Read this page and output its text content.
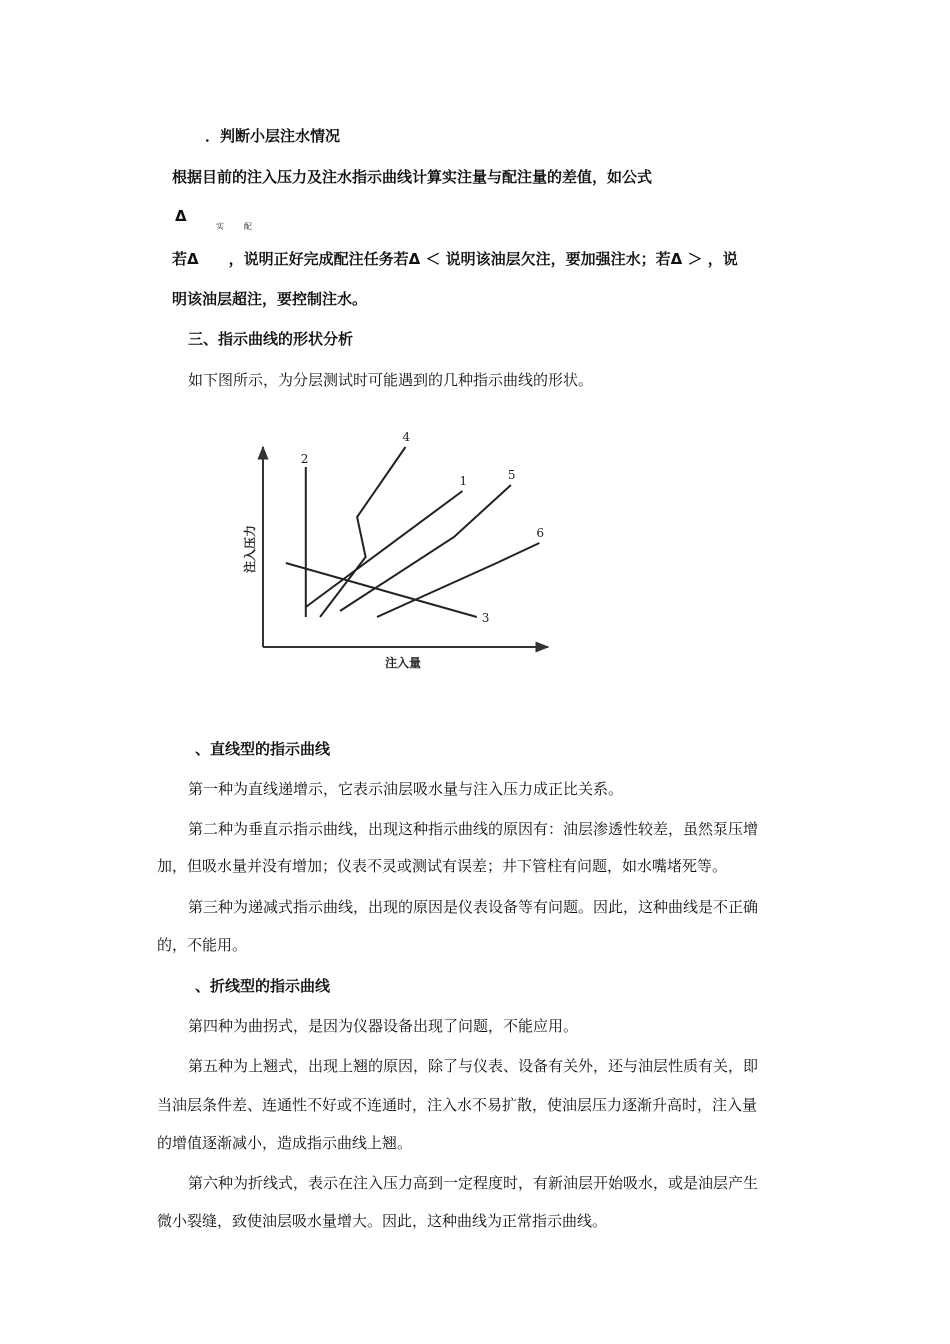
．判断小层注水情况
根据目前的注入压力及注水指示曲线计算实注量与配注量的差值，如公式
Δ
实	配
若Δ ，说明正好完成配注任务若Δ ＜ 说明该油层欠注，要加强注水；若Δ ＞ ，说
明该油层超注，要控制注水。
三、指示曲线的形状分析
如下图所示，为分层测试时可能遇到的几种指示曲线的形状。
1
2
3
4
5
6
注入量
注入压力
、直线型的指示曲线
第一种为直线递增示，它表示油层吸水量与注入压力成正比关系。
第二种为垂直示指示曲线，出现这种指示曲线的原因有：油层渗透性较差，虽然泵压增
加，但吸水量并没有增加；仪表不灵或测试有误差；井下管柱有问题，如水嘴堵死等。
第三种为递减式指示曲线，出现的原因是仪表设备等有问题。因此，这种曲线是不正确
的，不能用。
、折线型的指示曲线
第四种为曲拐式，是因为仪器设备出现了问题，不能应用。
第五种为上翘式，出现上翘的原因，除了与仪表、设备有关外，还与油层性质有关，即
当油层条件差、连通性不好或不连通时，注入水不易扩散，使油层压力逐渐升高时，注入量
的增值逐渐减小，造成指示曲线上翘。
第六种为折线式，表示在注入压力高到一定程度时，有新油层开始吸水，或是油层产生
微小裂缝，致使油层吸水量增大。因此，这种曲线为正常指示曲线。
